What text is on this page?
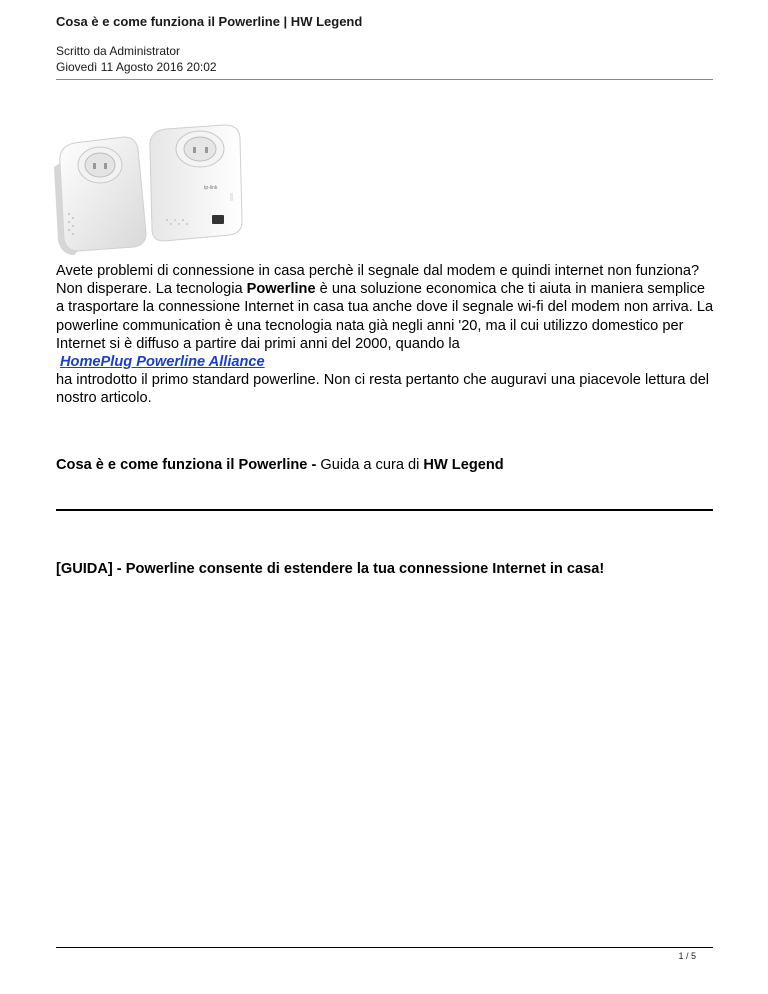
Cosa è e come funziona il Powerline | HW Legend
Scritto da Administrator
Giovedì 11 Agosto 2016 20:02
tp-link

Avete problemi di connessione in casa perchè il segnale dal modem e quindi internet non funziona? Non disperare. La tecnologia Powerline è una soluzione economica che ti aiuta in maniera semplice a trasportare la connessione Internet in casa tua anche dove il segnale wi-fi del modem non arriva. La powerline communication è una tecnologia nata già negli anni '20, ma il cui utilizzo domestico per Internet si è diffuso a partire dai primi anni del 2000, quando la

HomePlug Powerline Alliance

ha introdotto il primo standard powerline. Non ci resta pertanto che auguravi una piacevole lettura del nostro articolo.

Cosa è e come funziona il Powerline - Guida a cura di HW Legend
[GUIDA] - Powerline consente di estendere la tua connessione Internet in casa!
1 / 5
